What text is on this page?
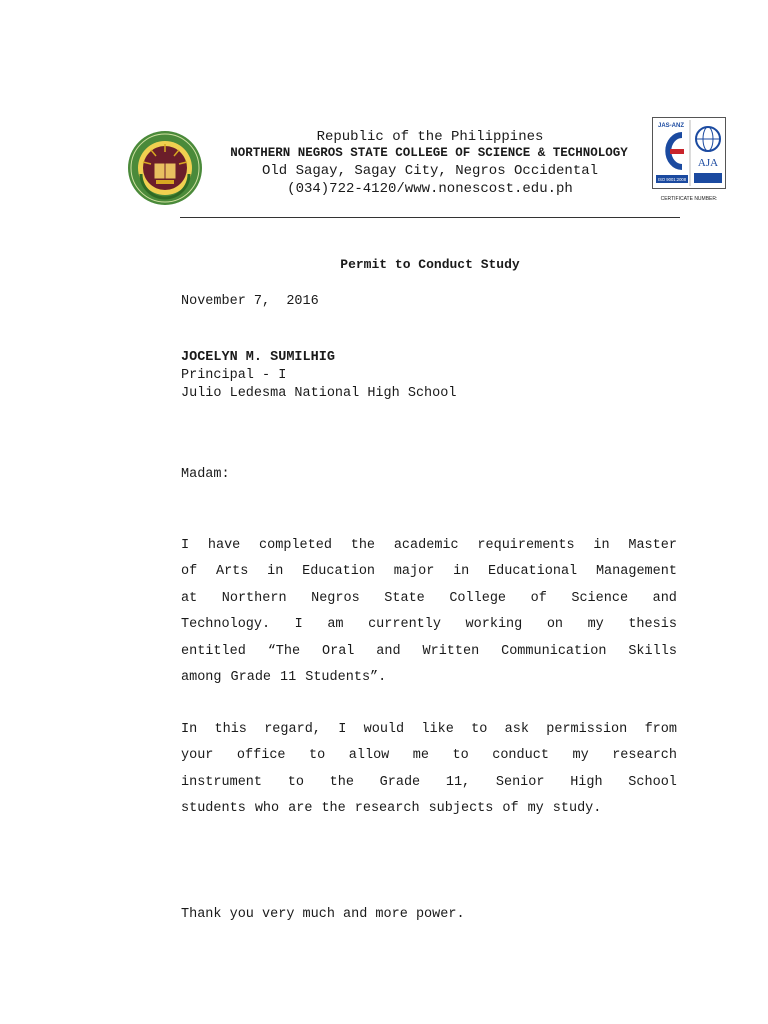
Republic of the Philippines
NORTHERN NEGROS STATE COLLEGE OF SCIENCE & TECHNOLOGY
Old Sagay, Sagay City, Negros Occidental
(034)722-4120/www.nonescost.edu.ph
JAS-ANZ
ISO 9001:2008
AJA
CERTIFICATE NUMBER:
Permit to Conduct Study
November 7,  2016
JOCELYN M. SUMILHIG
Principal - I
Julio Ledesma National High School
Madam:
I have completed the academic requirements in Master
of Arts in Education major in Educational Management
at Northern Negros State College of Science and
Technology. I am currently working on my thesis
entitled “The Oral and Written Communication Skills
among Grade 11 Students”.
In this regard, I would like to ask permission from
your office to allow me to conduct my research
instrument to the Grade 11, Senior High School
students who are the research subjects of my study.
Thank you very much and more power.
